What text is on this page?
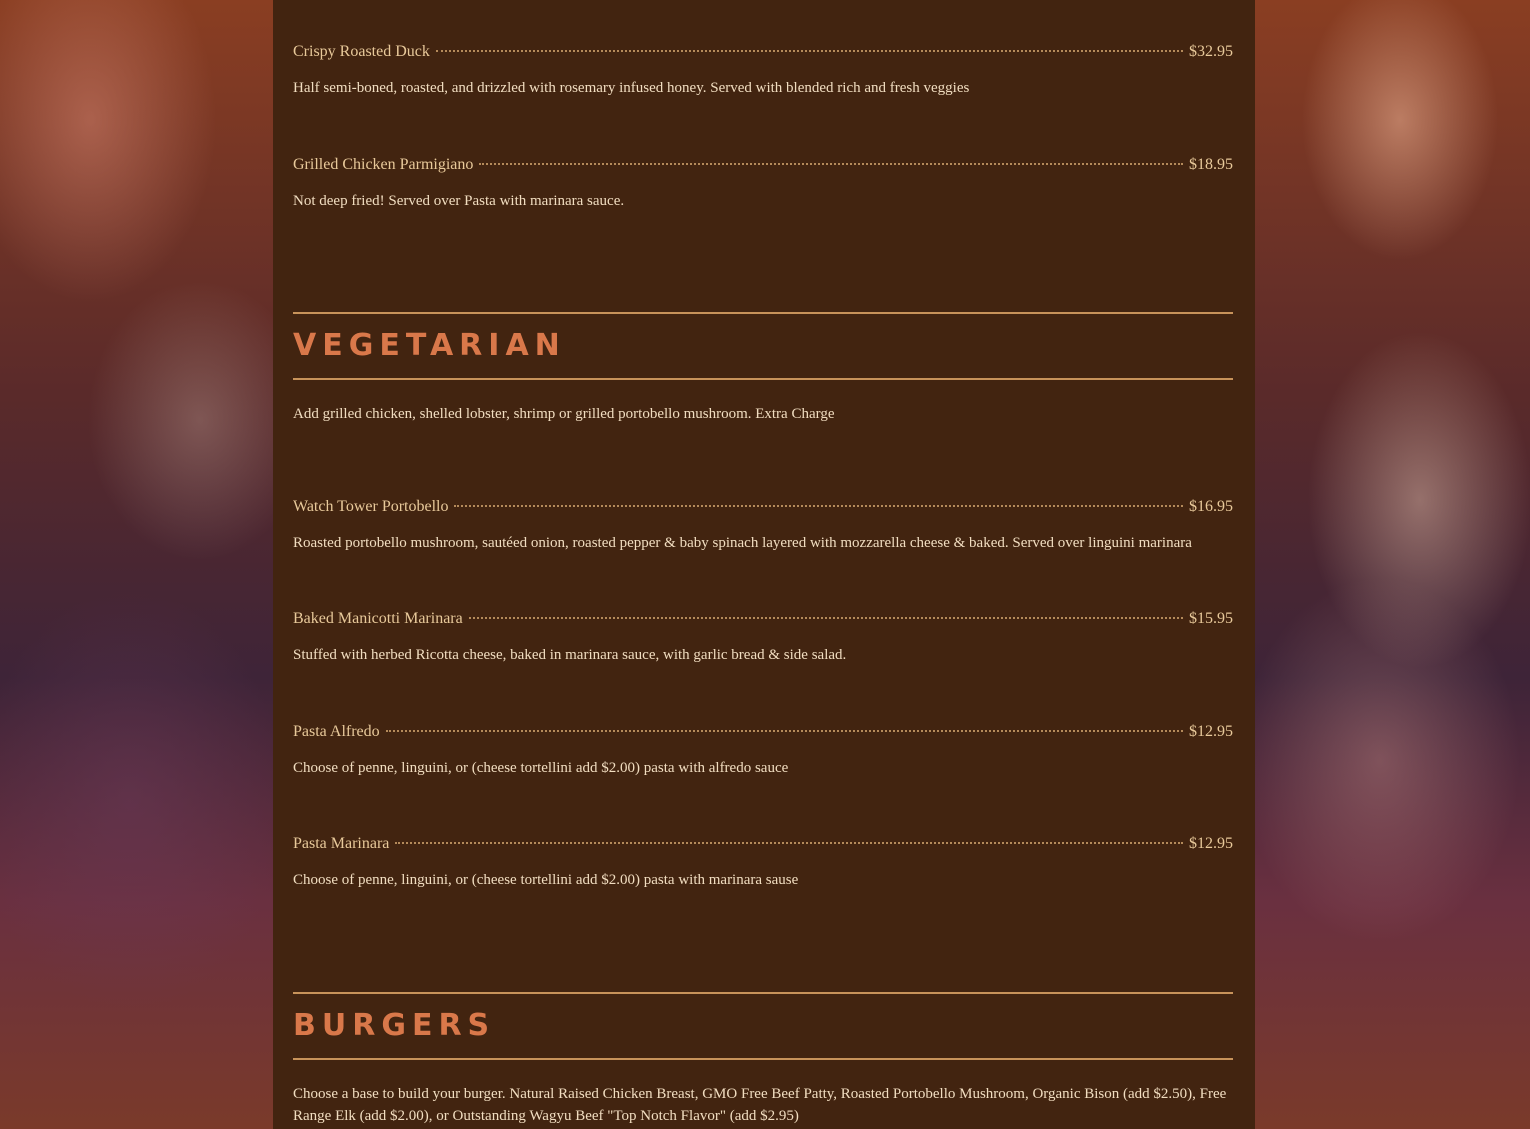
Crispy Roasted Duck	$32.95
Half semi-boned, roasted, and drizzled with rosemary infused honey. Served with blended rich and fresh veggies
Grilled Chicken Parmigiano	$18.95
Not deep fried! Served over Pasta with marinara sauce.
VEGETARIAN
Add grilled chicken, shelled lobster, shrimp or grilled portobello mushroom. Extra Charge
Watch Tower Portobello	$16.95
Roasted portobello mushroom, sautéed onion, roasted pepper & baby spinach layered with mozzarella cheese & baked. Served over linguini marinara
Baked Manicotti Marinara	$15.95
Stuffed with herbed Ricotta cheese, baked in marinara sauce, with garlic bread & side salad.
Pasta Alfredo	$12.95
Choose of penne, linguini, or (cheese tortellini add $2.00) pasta with alfredo sauce
Pasta Marinara	$12.95
Choose of penne, linguini, or (cheese tortellini add $2.00) pasta with marinara sause
BURGERS
Choose a base to build your burger. Natural Raised Chicken Breast, GMO Free Beef Patty, Roasted Portobello Mushroom, Organic Bison (add $2.50), Free Range Elk (add $2.00), or Outstanding Wagyu Beef "Top Notch Flavor" (add $2.95)
